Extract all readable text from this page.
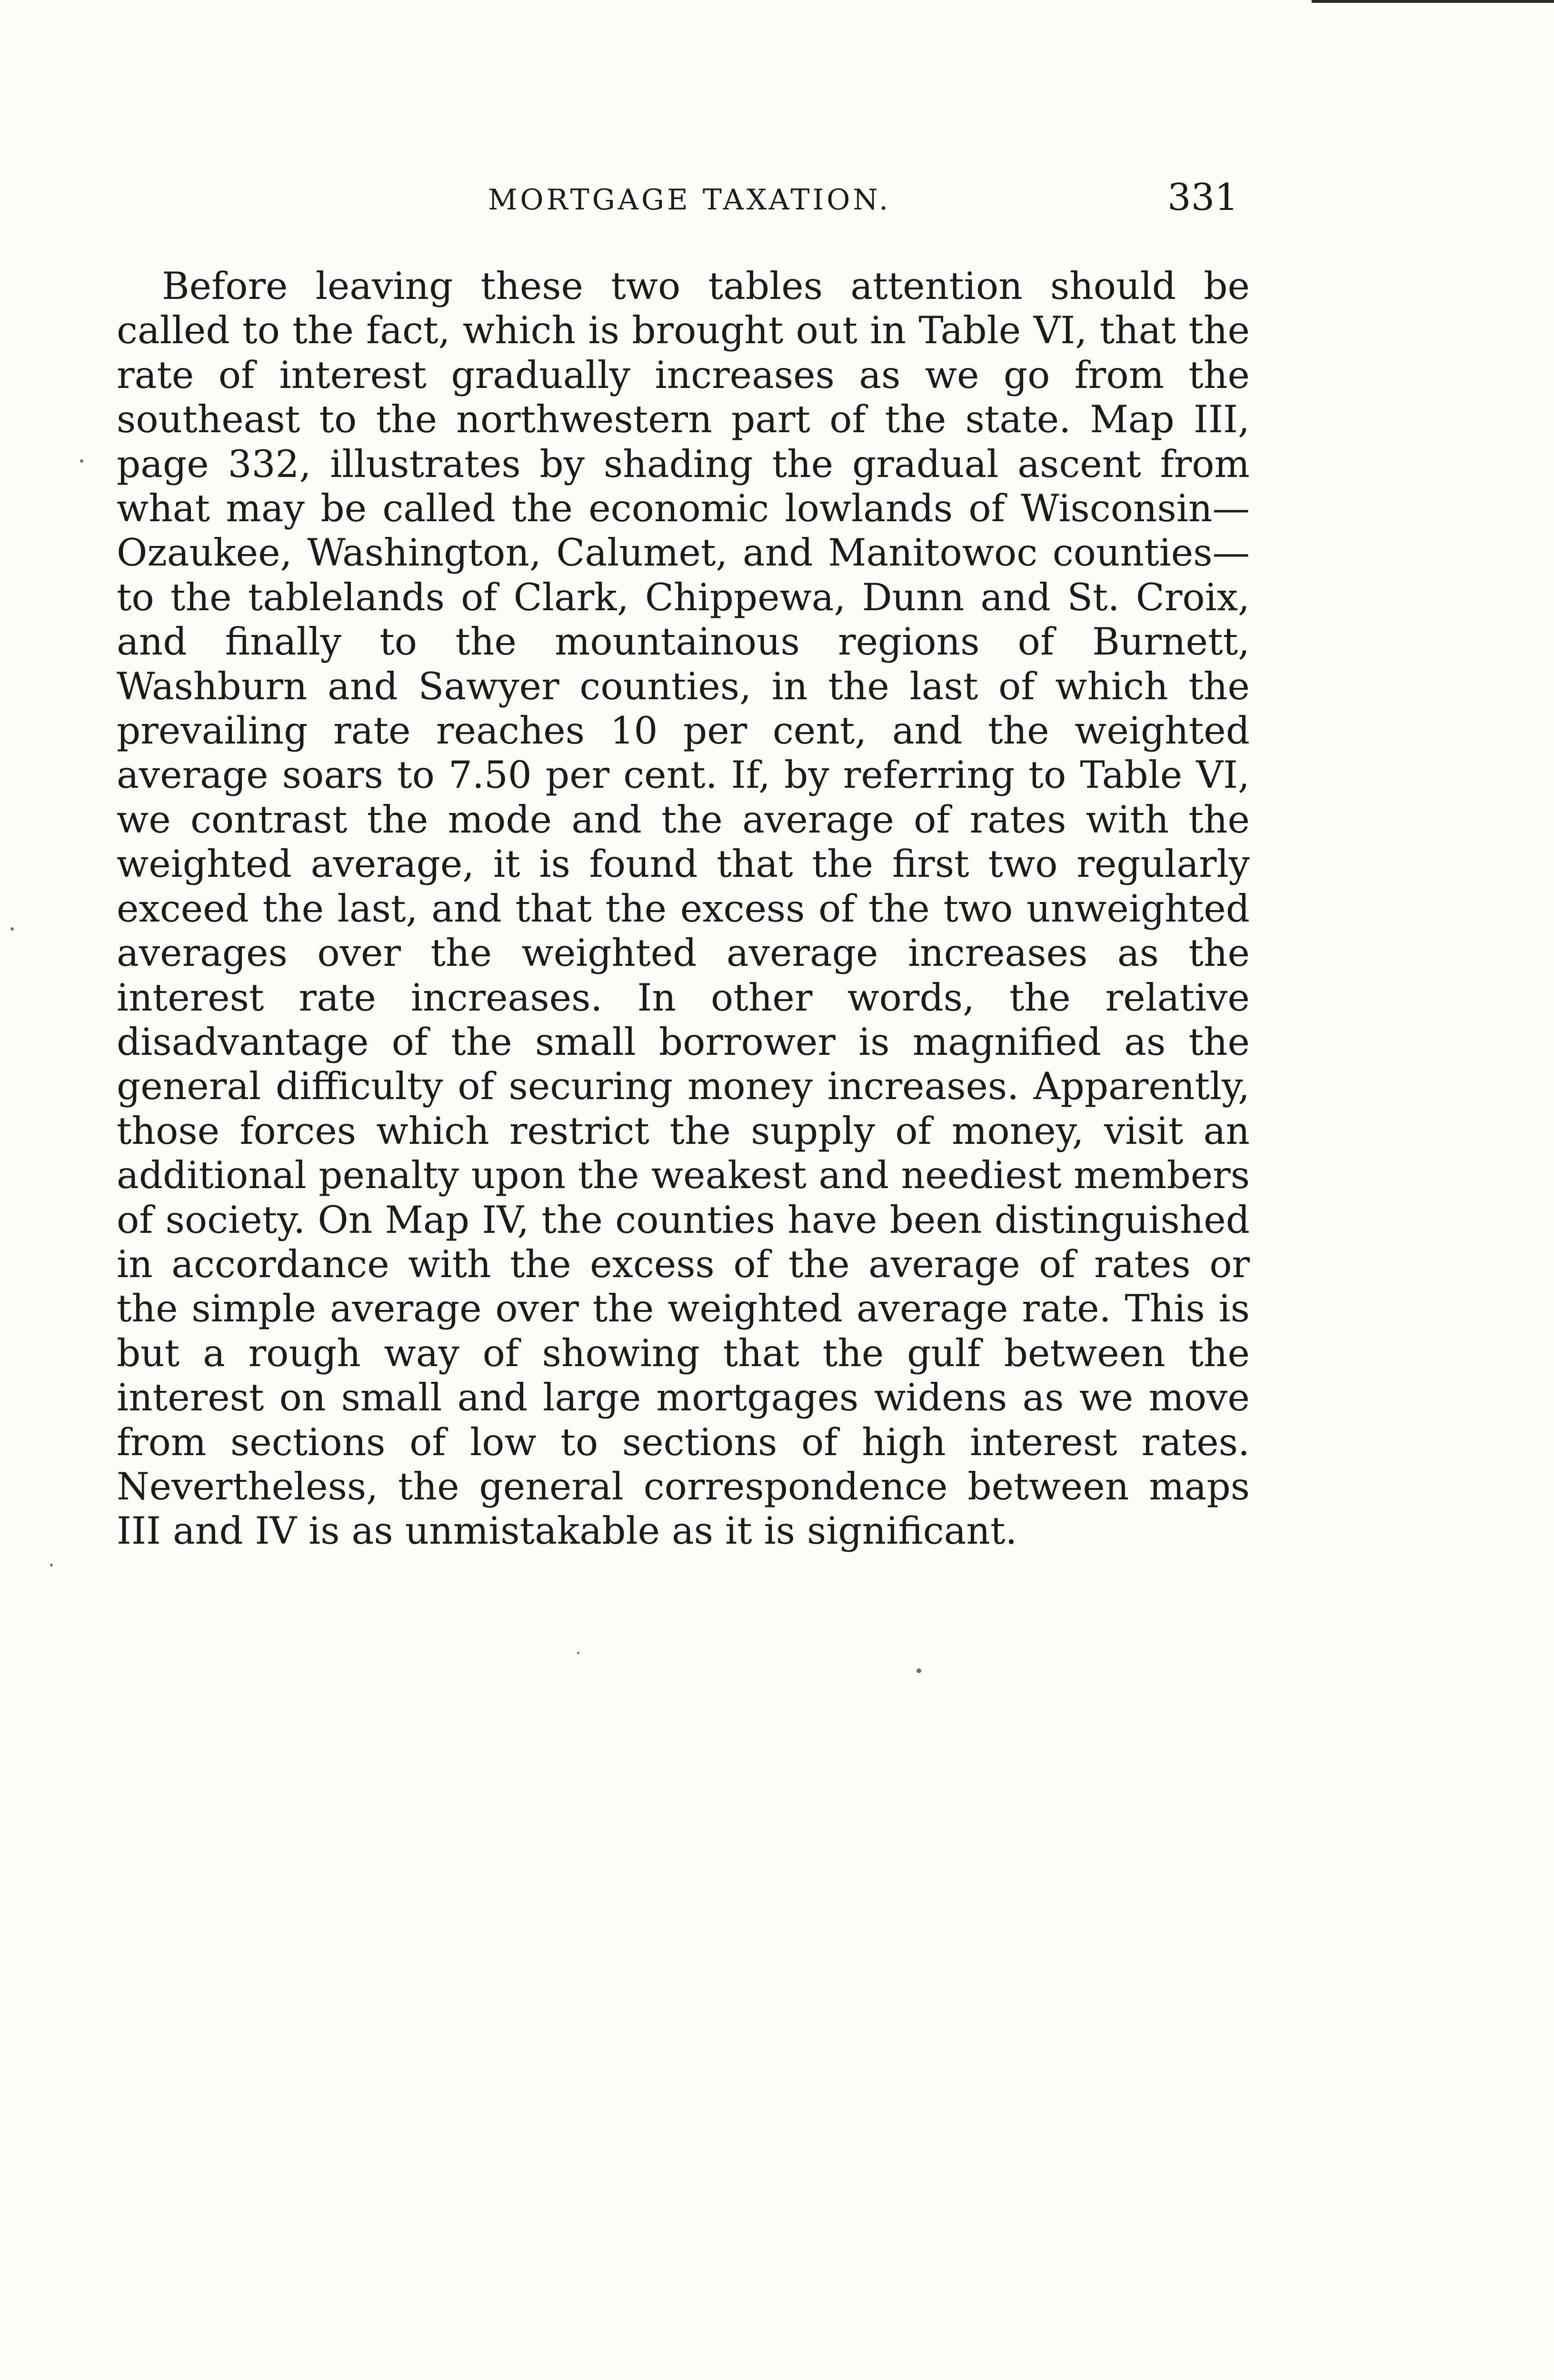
MORTGAGE TAXATION.	331

Before leaving these two tables attention should be called to the fact, which is brought out in Table VI, that the rate of interest gradually increases as we go from the southeast to the northwestern part of the state. Map III, page 332, illustrates by shading the gradual ascent from what may be called the economic lowlands of Wisconsin—Ozaukee, Washington, Calumet, and Manitowoc counties—to the tablelands of Clark, Chippewa, Dunn and St. Croix, and finally to the mountainous regions of Burnett, Washburn and Sawyer counties, in the last of which the prevailing rate reaches 10 per cent, and the weighted average soars to 7.50 per cent. If, by referring to Table VI, we contrast the mode and the average of rates with the weighted average, it is found that the first two regularly exceed the last, and that the excess of the two unweighted averages over the weighted average increases as the interest rate increases. In other words, the relative disadvantage of the small borrower is magnified as the general difficulty of securing money increases. Apparently, those forces which restrict the supply of money, visit an additional penalty upon the weakest and neediest members of society. On Map IV, the counties have been distinguished in accordance with the excess of the average of rates or the simple average over the weighted average rate. This is but a rough way of showing that the gulf between the interest on small and large mortgages widens as we move from sections of low to sections of high interest rates. Nevertheless, the general correspondence between maps III and IV is as unmistakable as it is significant.
